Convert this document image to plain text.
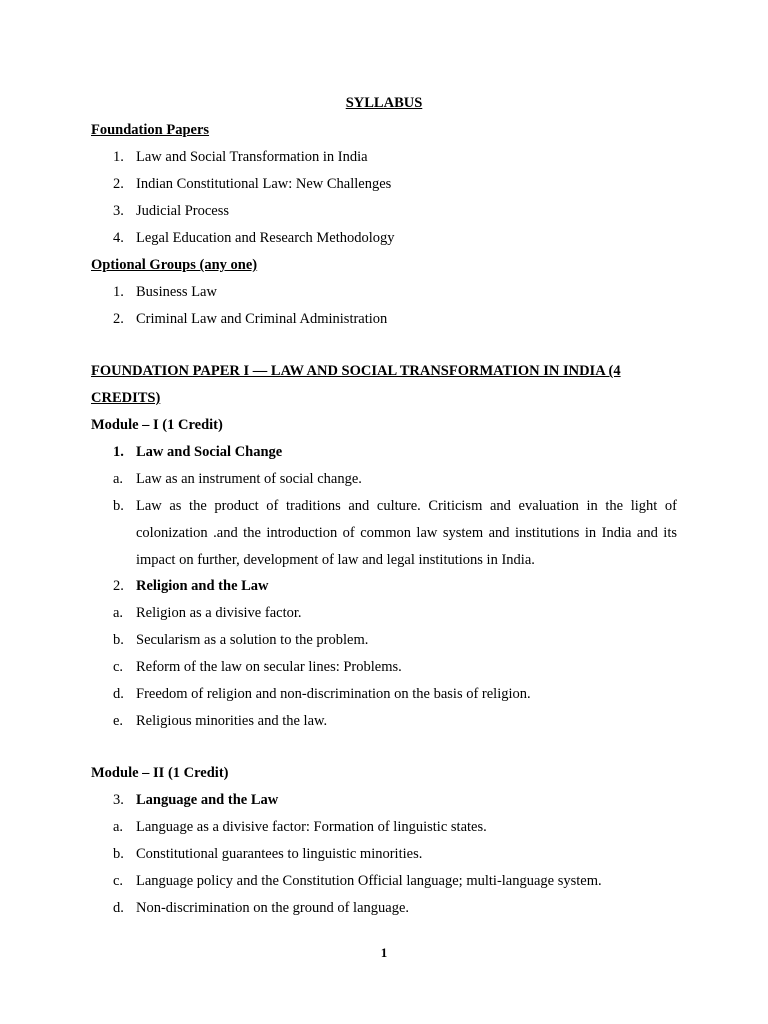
SYLLABUS
Foundation Papers
1. Law and Social Transformation in India
2. Indian Constitutional Law: New Challenges
3. Judicial Process
4. Legal Education and Research Methodology
Optional Groups (any one)
1. Business Law
2. Criminal Law and Criminal Administration
FOUNDATION PAPER I — LAW AND SOCIAL TRANSFORMATION IN INDIA (4
CREDITS)
Module – I (1 Credit)
1. Law and Social Change
a. Law as an instrument of social change.
b. Law as the product of traditions and culture. Criticism and evaluation in the light of
colonization .and the introduction of common law system and institutions in India and its
impact on further, development of law and legal institutions in India.
2. Religion and the Law
a. Religion as a divisive factor.
b. Secularism as a solution to the problem.
c. Reform of the law on secular lines: Problems.
d. Freedom of religion and non-discrimination on the basis of religion.
e. Religious minorities and the law.
Module – II (1 Credit)
3. Language and the Law
a. Language as a divisive factor: Formation of linguistic states.
b. Constitutional guarantees to linguistic minorities.
c. Language policy and the Constitution Official language; multi-language system.
d. Non-discrimination on the ground of language.
1
